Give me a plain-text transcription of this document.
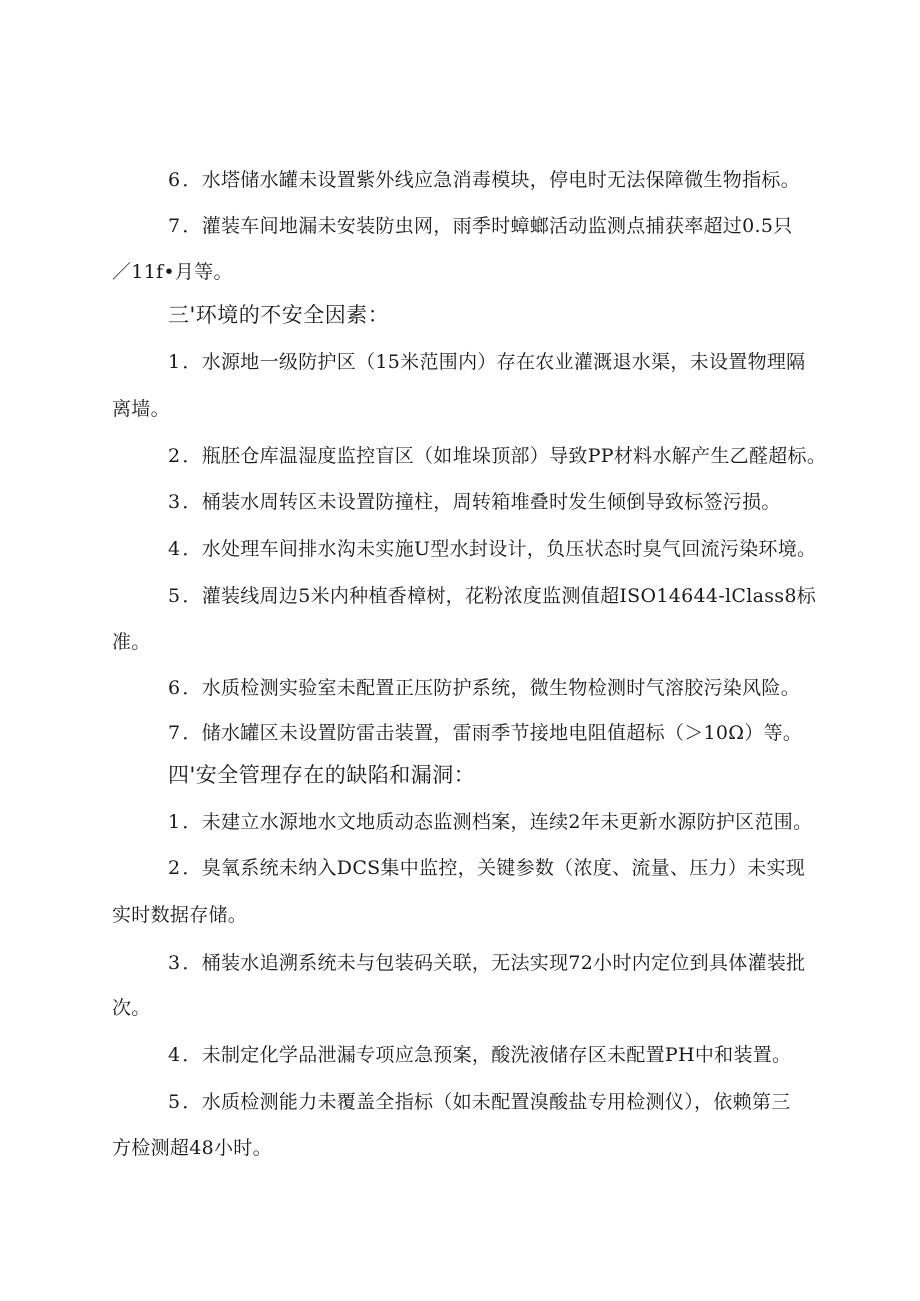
6 ．水塔储水罐未设置紫外线应急消毒模块，停电时无法保障微生物指标。
7 ．灌装车间地漏未安装防虫网，雨季时蟑螂活动监测点捕获率超过0.5只
／11f•月等。
三'环境的不安全因素：
1 ．水源地一级防护区（15米范围内）存在农业灌溉退水渠，未设置物理隔
离墙。
2 ．瓶胚仓库温湿度监控盲区（如堆垛顶部）导致PP材料水解产生乙醛超标。
3 ．桶装水周转区未设置防撞柱，周转箱堆叠时发生倾倒导致标签污损。
4 ．水处理车间排水沟未实施U型水封设计，负压状态时臭气回流污染环境。
5 ．灌装线周边5米内种植香樟树，花粉浓度监测值超ISO14644-lClass8标
准。
6 ．水质检测实验室未配置正压防护系统，微生物检测时气溶胶污染风险。
7 ．储水罐区未设置防雷击装置，雷雨季节接地电阻值超标（＞10Ω）等。
四'安全管理存在的缺陷和漏洞：
1 ．未建立水源地水文地质动态监测档案，连续2年未更新水源防护区范围。
2 ．臭氧系统未纳入DCS集中监控，关键参数（浓度、流量、压力）未实现
实时数据存储。
3 ．桶装水追溯系统未与包装码关联，无法实现72小时内定位到具体灌装批
次。
4 ．未制定化学品泄漏专项应急预案，酸洗液储存区未配置PH中和装置。
5 ．水质检测能力未覆盖全指标（如未配置溴酸盐专用检测仪），依赖第三
方检测超48小时。
